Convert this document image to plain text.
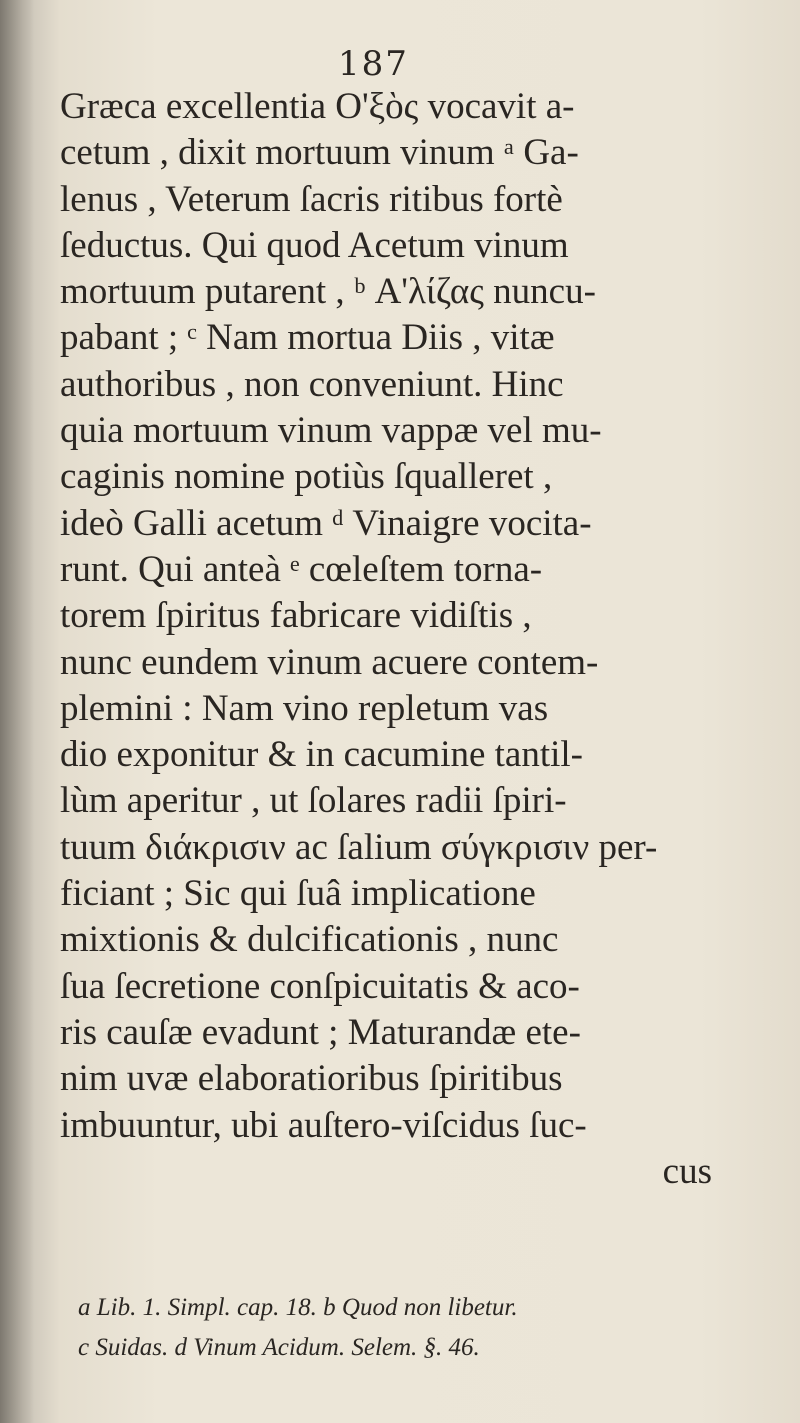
187
Græca excellentia O'ξὸς vocavit a-
cetum , dixit mortuum vinum ᵃ Ga-
lenus , Veterum ſacris ritibus fortè
ſeductus. Qui quod Acetum vinum
mortuum putarent , ᵇ Α'λίζας nuncu-
pabant ; ᶜ Nam mortua Diis , vitæ
authoribus , non conveniunt. Hinc
quia mortuum vinum vappæ vel mu-
caginis nomine potiùs ſqualleret ,
ideò Galli acetum ᵈ Vinaigre vocita-
runt. Qui anteà ᵉ cœleſtem torna-
torem ſpiritus fabricare vidiſtis ,
nunc eundem vinum acuere contem-
plemini : Nam vino repletum vas
dio exponitur & in cacumine tantil-
lùm aperitur , ut ſolares radii ſpiri-
tuum διάκρισιν ac ſalium σύγκρισιν per-
ficiant ; Sic qui ſuâ implicatione
mixtionis & dulcificationis , nunc
ſua ſecretione conſpicuitatis & aco-
ris cauſæ evadunt ; Maturandæ ete-
nim uvæ elaboratioribus ſpiritibus
imbuuntur, ubi auſtero-viſcidus ſuc-
cus
a Lib. 1. Simpl. cap. 18. b Quod non libetur.
c Suidas. d Vinum Acidum. Selem. §. 46.
